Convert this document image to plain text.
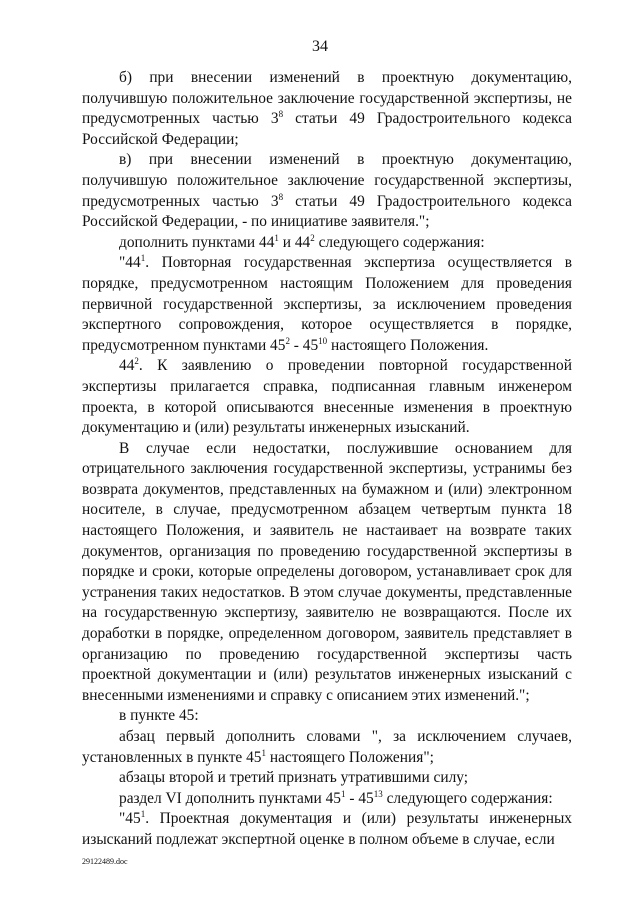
34

б) при внесении изменений в проектную документацию, получившую положительное заключение государственной экспертизы, не предусмотренных частью $3^8$ статьи 49 Градостроительного кодекса Российской Федерации;

в) при внесении изменений в проектную документацию, получившую положительное заключение государственной экспертизы, предусмотренных частью $3^8$ статьи 49 Градостроительного кодекса Российской Федерации, - по инициативе заявителя.";

дополнить пунктами $44^1$ и $44^2$ следующего содержания:

"$44^1$. Повторная государственная экспертиза осуществляется в порядке, предусмотренном настоящим Положением для проведения первичной государственной экспертизы, за исключением проведения экспертного сопровождения, которое осуществляется в порядке, предусмотренном пунктами $45^2 - 45^{10}$ настоящего Положения.

$44^2$. К заявлению о проведении повторной государственной экспертизы прилагается справка, подписанная главным инженером проекта, в которой описываются внесенные изменения в проектную документацию и (или) результаты инженерных изысканий.

В случае если недостатки, послужившие основанием для отрицательного заключения государственной экспертизы, устранимы без возврата документов, представленных на бумажном и (или) электронном носителе, в случае, предусмотренном абзацем четвертым пункта 18 настоящего Положения, и заявитель не настаивает на возврате таких документов, организация по проведению государственной экспертизы в порядке и сроки, которые определены договором, устанавливает срок для устранения таких недостатков. В этом случае документы, представленные на государственную экспертизу, заявителю не возвращаются. После их доработки в порядке, определенном договором, заявитель представляет в организацию по проведению государственной экспертизы часть проектной документации и (или) результатов инженерных изысканий с внесенными изменениями и справку с описанием этих изменений.";

в пункте 45:

абзац первый дополнить словами ", за исключением случаев, установленных в пункте $45^1$ настоящего Положения";

абзацы второй и третий признать утратившими силу;

раздел VI дополнить пунктами $45^1 - 45^{13}$ следующего содержания:

"$45^1$. Проектная документация и (или) результаты инженерных изысканий подлежат экспертной оценке в полном объеме в случае, если

29122489.doc
